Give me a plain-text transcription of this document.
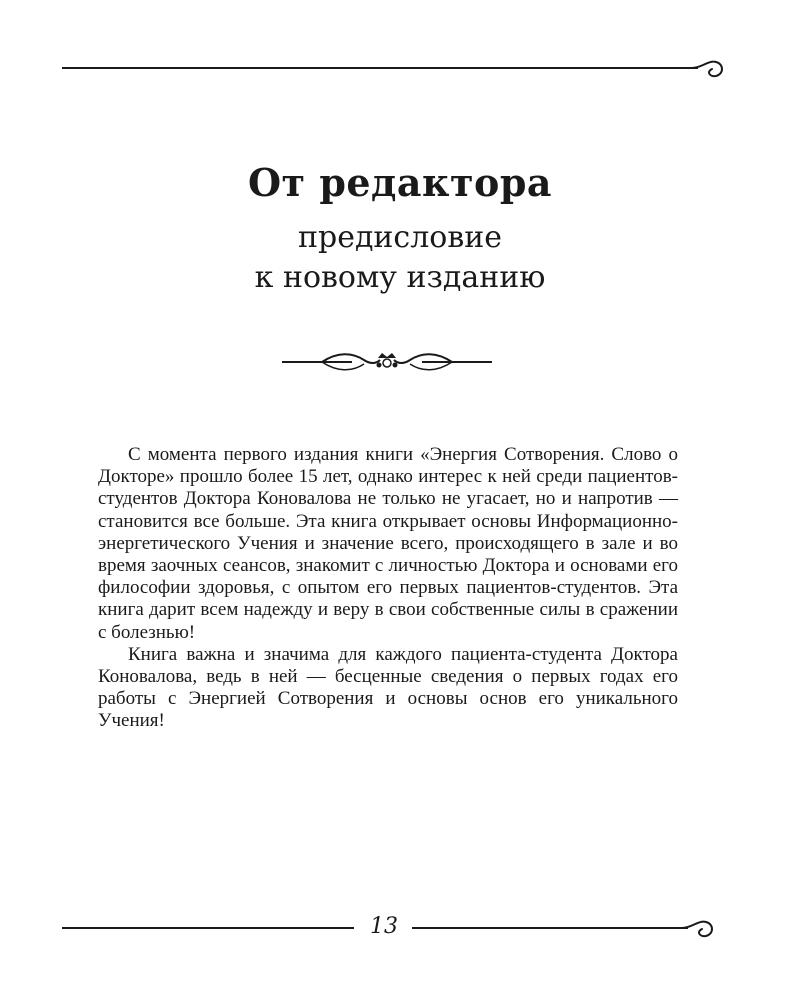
От редактора
предисловие
к новому изданию

С момента первого издания книги «Энергия Сотворения. Слово о Докторе» прошло более 15 лет, однако интерес к ней среди пациентов-студентов Доктора Коновалова не только не угасает, но и напротив — становится все больше. Эта книга открывает основы Информационно-энергетического Учения и значение всего, происходящего в зале и во время заочных сеансов, знакомит с личностью Доктора и основами его философии здоровья, с опытом его первых пациентов-студентов. Эта книга дарит всем надежду и веру в свои собственные силы в сражении с болезнью!

Книга важна и значима для каждого пациента-студента Доктора Коновалова, ведь в ней — бесценные сведения о первых годах его работы с Энергией Сотворения и основы основ его уникального Учения!

13
